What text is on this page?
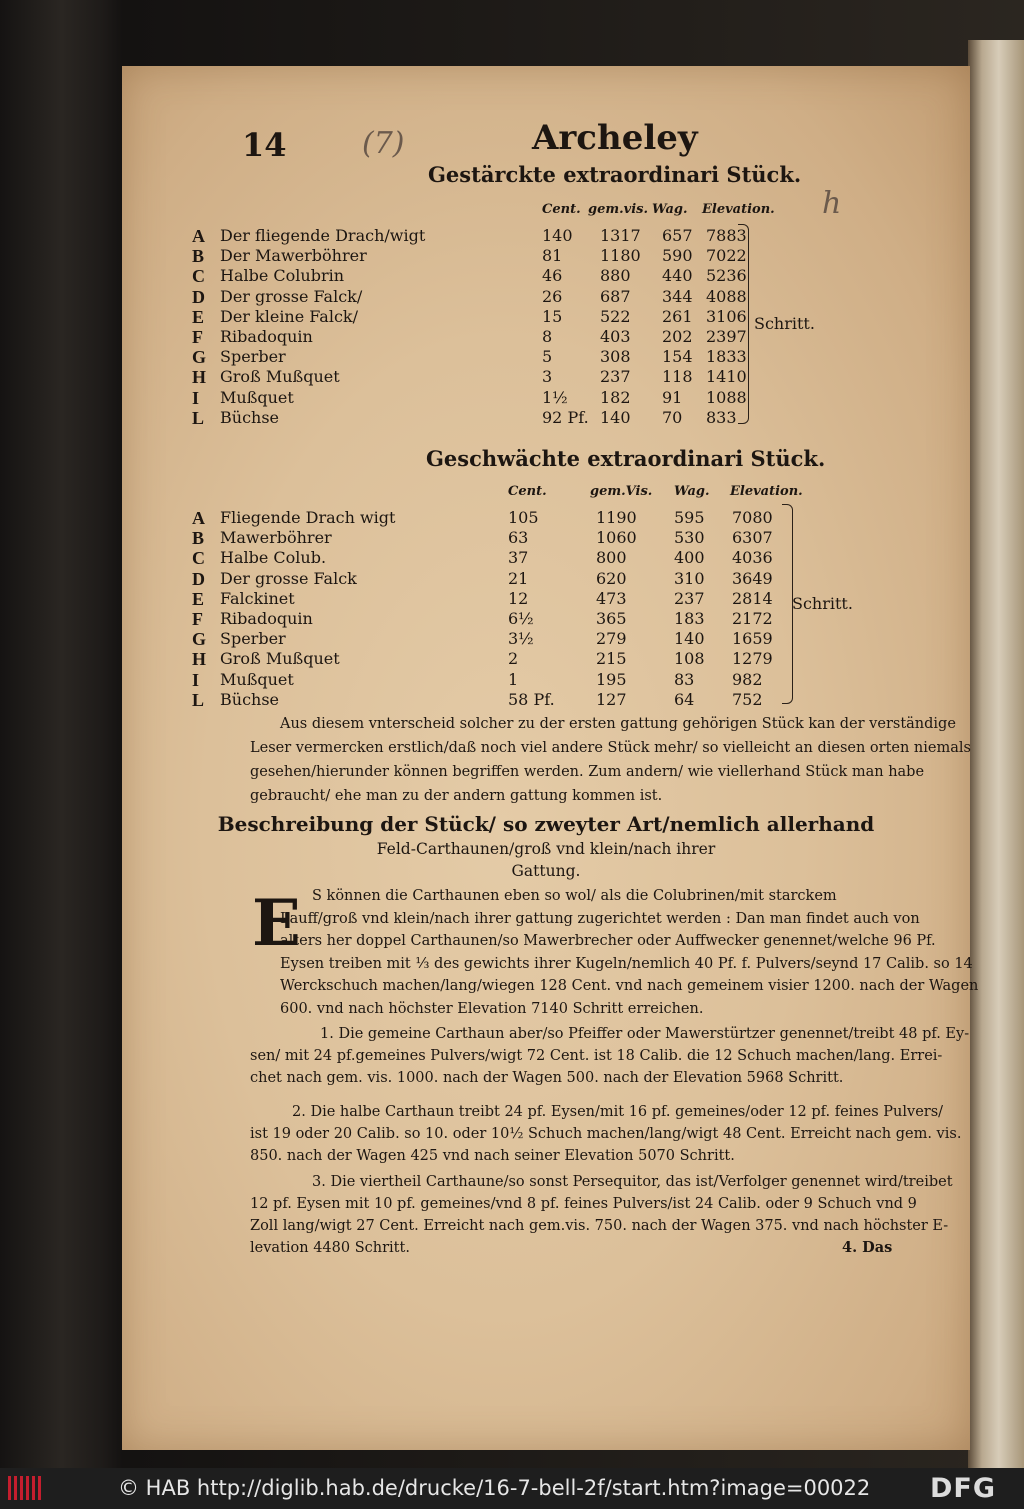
14	(7)	Archeley
h
Gestärckte extraordinari Stück.
Cent. gem.vis. Wag. Elevation.
A Der fliegende Drach/wigt	140 1317 657 7883
B Der Mawerböhrer	81 1180 590 7022
C Halbe Colubrin	46 880 440 5236
D Der grosse Falck/	26 687 344 4088
E Der kleine Falck/	15 522 261 3106
F Ribadoquin	8	403 202 2397
G Sperber	5	308 154 1833
H Groß Mußquet	3	237 118 1410
I Mußquet	1½ 182 91 1088
L Büchse	92 Pf. 140 70 833
Schritt.
Geschwächte extraordinari Stück.
Cent.	gem.Vis. Wag. Elevation.
A Fliegende Drach wigt	105	1190 595 7080
B Mawerböhrer	63	1060 530 6307
C Halbe Colub.	37	800	400 4036
D Der grosse Falck	21	620	310 3649
E Falckinet	12	473	237 2814
F Ribadoquin	6½	365	183 2172
G Sperber	3½	279	140 1659
H Groß Mußquet	2	215	108 1279
I Mußquet	1	195	83 982
L Büchse	58 Pf.	127	64 752
Schritt.
Aus diesem vnterscheid solcher zu der ersten gattung gehörigen Stück kan der verständige
Leser vermercken erstlich/daß noch viel andere Stück mehr/ so vielleicht an diesen orten niemals
gesehen/hierunder können begriffen werden. Zum andern/ wie viellerhand Stück man habe
gebraucht/ ehe man zu der andern gattung kommen ist.
Beschreibung der Stück/ so zweyter Art/nemlich allerhand
Feld-Carthaunen/groß vnd klein/nach ihrer
Gattung.
E S können die Carthaunen eben so wol/ als die Colubrinen/mit starckem
Lauff/groß vnd klein/nach ihrer gattung zugerichtet werden : Dan man findet auch von
alters her doppel Carthaunen/so Mawerbrecher oder Auffwecker genennet/welche 96 Pf.
Eysen treiben mit ⅓ des gewichts ihrer Kugeln/nemlich 40 Pf. f. Pulvers/seynd 17 Calib. so 14
Werckschuch machen/lang/wiegen 128 Cent. vnd nach gemeinem visier 1200. nach der Wagen
600. vnd nach höchster Elevation 7140 Schritt erreichen.
1. Die gemeine Carthaun aber/so Pfeiffer oder Mawerstürtzer genennet/treibt 48 pf. Ey-
sen/ mit 24 pf.gemeines Pulvers/wigt 72 Cent. ist 18 Calib. die 12 Schuch machen/lang. Errei-
chet nach gem. vis. 1000. nach der Wagen 500. nach der Elevation 5968 Schritt.
2. Die halbe Carthaun treibt 24 pf. Eysen/mit 16 pf. gemeines/oder 12 pf. feines Pulvers/
ist 19 oder 20 Calib. so 10. oder 10½ Schuch machen/lang/wigt 48 Cent. Erreicht nach gem. vis.
850. nach der Wagen 425 vnd nach seiner Elevation 5070 Schritt.
3. Die viertheil Carthaune/so sonst Persequitor, das ist/Verfolger genennet wird/treibet
12 pf. Eysen mit 10 pf. gemeines/vnd 8 pf. feines Pulvers/ist 24 Calib. oder 9 Schuch vnd 9
Zoll lang/wigt 27 Cent. Erreicht nach gem.vis. 750. nach der Wagen 375. vnd nach höchster E-
levation 4480 Schritt.	4. Das
© HAB http://diglib.hab.de/drucke/16-7-bell-2f/start.htm?image=00022 DFG
